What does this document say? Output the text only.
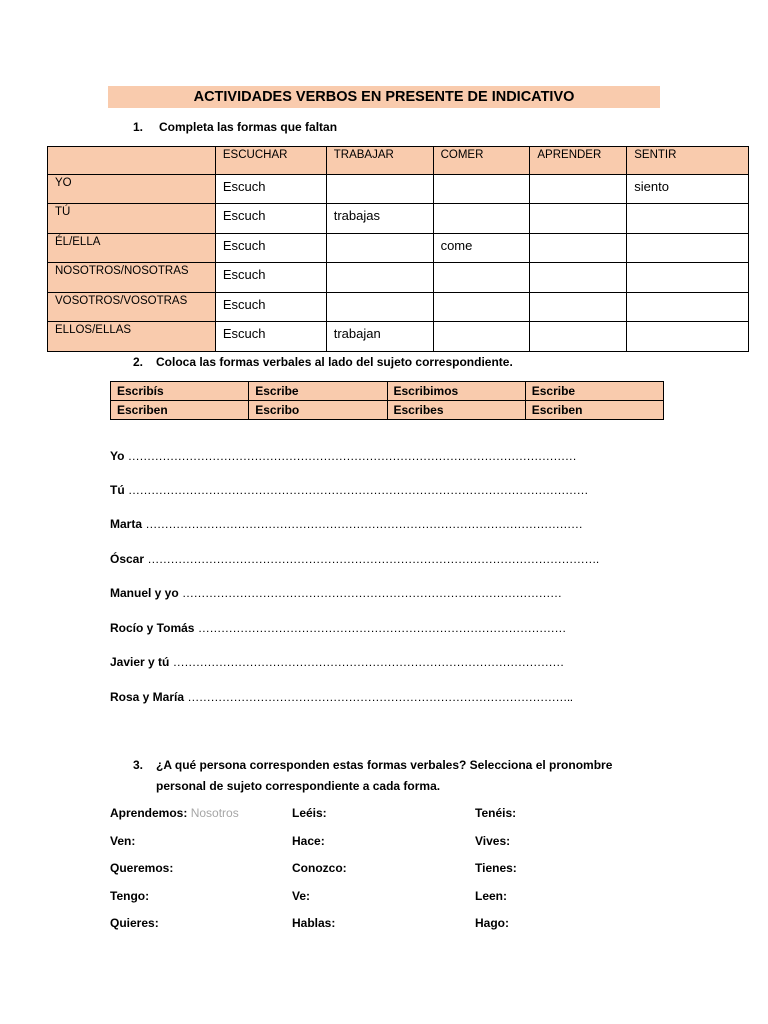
ACTIVIDADES VERBOS EN PRESENTE DE INDICATIVO
1. Completa las formas que faltan
	ESCUCHAR	TRABAJAR	COMER	APRENDER	SENTIR
YO	Escuch				siento
TÚ	Escuch	trabajas			
ÉL/ELLA	Escuch		come		
NOSOTROS/NOSOTRAS	Escuch				
VOSOTROS/VOSOTRAS	Escuch				
ELLOS/ELLAS	Escuch	trabajan			
2. Coloca las formas verbales al lado del sujeto correspondiente.
Escribís	Escribe	Escribimos	Escribe
Escriben	Escribo	Escribes	Escriben
Yo ………………………………………………………………………………………………………
Tú …………………………………………………………………………………………………………
Marta ……………………………………………………………………………………………………
Óscar ……………………………………………………………………………………………………….
Manuel y yo ………………………………………………………………………………………
Rocío y Tomás ……………………………………………………………………………………
Javier y tú …………………………………………………………………………………………
Rosa y María ………………………………………………………………………………………..
3. ¿A qué persona corresponden estas formas verbales? Selecciona el pronombre
personal de sujeto correspondiente a cada forma.
Aprendemos: Nosotros
Ven:
Queremos:
Tengo:
Quieres:
Leéis:
Hace:
Conozco:
Ve:
Hablas:
Tenéis:
Vives:
Tienes:
Leen:
Hago:
